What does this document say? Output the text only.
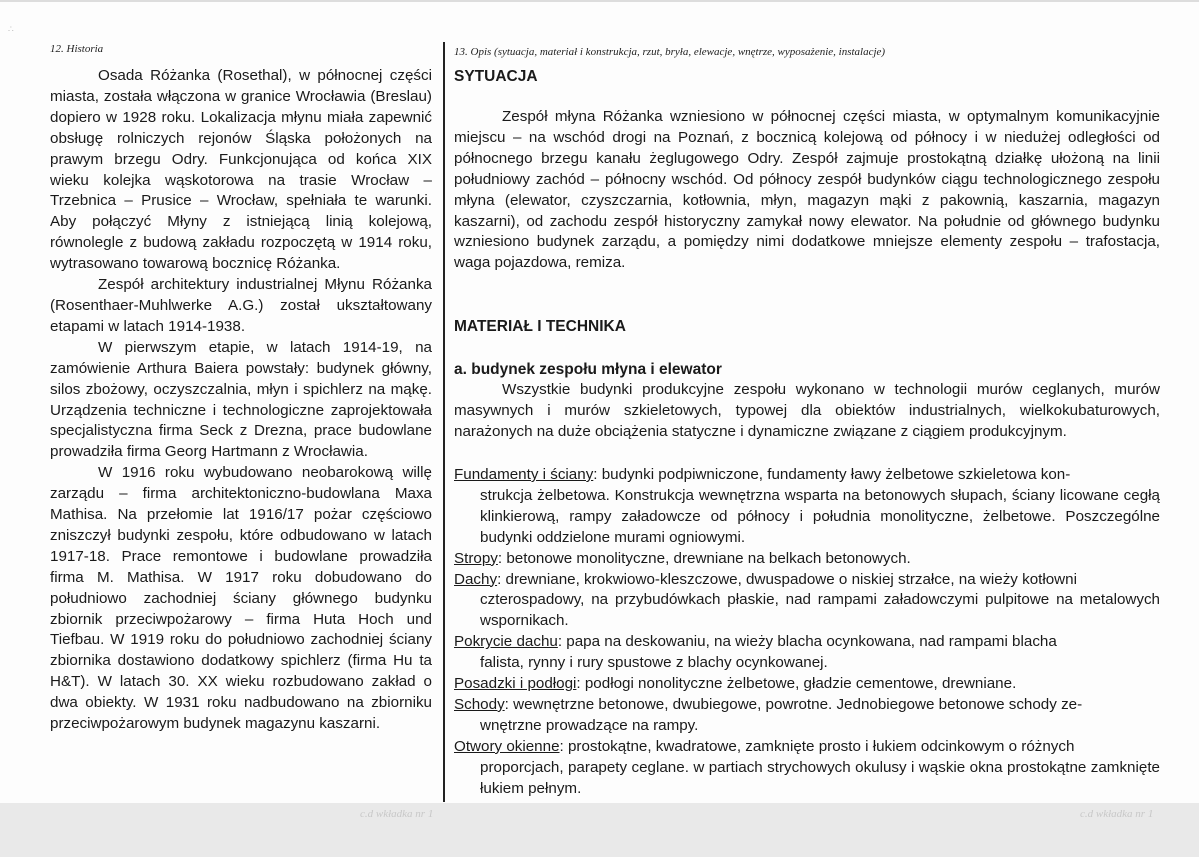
∴
12. Historia

Osada Różanka (Rosethal), w północnej części miasta, została włączona w granice Wrocławia (Breslau) dopiero w 1928 roku. Lokalizacja młynu miała zapewnić obsługę rolniczych rejonów Śląska położonych na prawym brzegu Odry. Funkcjonująca od końca XIX wieku kolejka wąskotorowa na trasie Wrocław –Trzebnica – Prusice – Wrocław, spełniała te warunki. Aby połączyć Młyny z istniejącą linią kolejową, równolegle z budową zakładu rozpoczętą w 1914 roku, wytrasowano towarową bocznicę Różanka.

Zespół architektury industrialnej Młynu Różanka (Rosenthaer-Muhlwerke A.G.) został ukształtowany etapami w latach 1914-1938.

W pierwszym etapie, w latach 1914-19, na zamówienie Arthura Baiera powstały: budynek główny, silos zbożowy, oczyszczalnia, młyn i spichlerz na mąkę. Urządzenia techniczne i technologiczne zaprojektowała specjalistyczna firma Seck z Drezna, prace budowlane prowadziła firma Georg Hartmann z Wrocławia.

W 1916 roku wybudowano neobarokową willę zarządu – firma architektoniczno-budowlana Maxa Mathisa. Na przełomie lat 1916/17 pożar częściowo zniszczył budynki zespołu, które odbudowano w latach 1917-18. Prace remontowe i budowlane prowadziła firma M. Mathisa. W 1917 roku dobudowano do południowo zachodniej ściany głównego budynku zbiornik przeciwpożarowy – firma Huta Hoch und Tiefbau. W 1919 roku do południowo zachodniej ściany zbiornika dostawiono dodatkowy spichlerz (firma Hu ta H&T). W latach 30. XX wieku rozbudowano zakład o dwa obiekty. W 1931 roku nadbudowano na zbiorniku przeciwpożarowym budynek magazynu kaszarni.

13. Opis (sytuacja, materiał i konstrukcja, rzut, bryła, elewacje, wnętrze, wyposażenie, instalacje)
SYTUACJA

Zespół młyna Różanka wzniesiono w północnej części miasta, w optymalnym komunikacyjnie miejscu – na wschód drogi na Poznań, z bocznicą kolejową od północy i w niedużej odległości od północnego brzegu kanału żeglugowego Odry. Zespół zajmuje prostokątną działkę ułożoną na linii południowy zachód – północny wschód. Od północy zespół budynków ciągu technologicznego zespołu młyna (elewator, czyszczarnia, kotłownia, młyn, magazyn mąki z pakownią, kaszarnia, magazyn kaszarni), od zachodu zespół historyczny zamykał nowy elewator. Na południe od głównego budynku wzniesiono budynek zarządu, a pomiędzy nimi dodatkowe mniejsze elementy zespołu – trafostacja, waga pojazdowa, remiza.

MATERIAŁ I TECHNIKA
a. budynek zespołu młyna i elewator

Wszystkie budynki produkcyjne zespołu wykonano w technologii murów ceglanych, murów masywnych i murów szkieletowych, typowej dla obiektów industrialnych, wielkokubaturowych, narażonych na duże obciążenia statyczne i dynamiczne związane z ciągiem produkcyjnym.

Fundamenty i ściany: budynki podpiwniczone, fundamenty ławy żelbetowe szkieletowa kon-
strukcja żelbetowa. Konstrukcja wewnętrzna wsparta na betonowych słupach, ściany licowane cegłą klinkierową, rampy załadowcze od północy i południa monolityczne, żelbetowe. Poszczególne budynki oddzielone murami ogniowymi.
Stropy: betonowe monolityczne, drewniane na belkach betonowych.
Dachy: drewniane, krokwiowo-kleszczowe, dwuspadowe o niskiej strzałce, na wieży kotłowni
czterospadowy, na przybudówkach płaskie, nad rampami załadowczymi pulpitowe na metalowych wspornikach.
Pokrycie dachu: papa na deskowaniu, na wieży blacha ocynkowana, nad rampami blacha
falista, rynny i rury spustowe z blachy ocynkowanej.
Posadzki i podłogi: podłogi nonolityczne żelbetowe, gładzie cementowe, drewniane.
Schody: wewnętrzne betonowe, dwubiegowe, powrotne. Jednobiegowe betonowe schody ze-
wnętrzne prowadzące na rampy.
Otwory okienne: prostokątne, kwadratowe, zamknięte prosto i łukiem odcinkowym o różnych
proporcjach, parapety ceglane. w partiach strychowych okulusy i wąskie okna prostokątne zamknięte łukiem pełnym.
c.d wkładka nr 1	c.d wkładka nr 1
